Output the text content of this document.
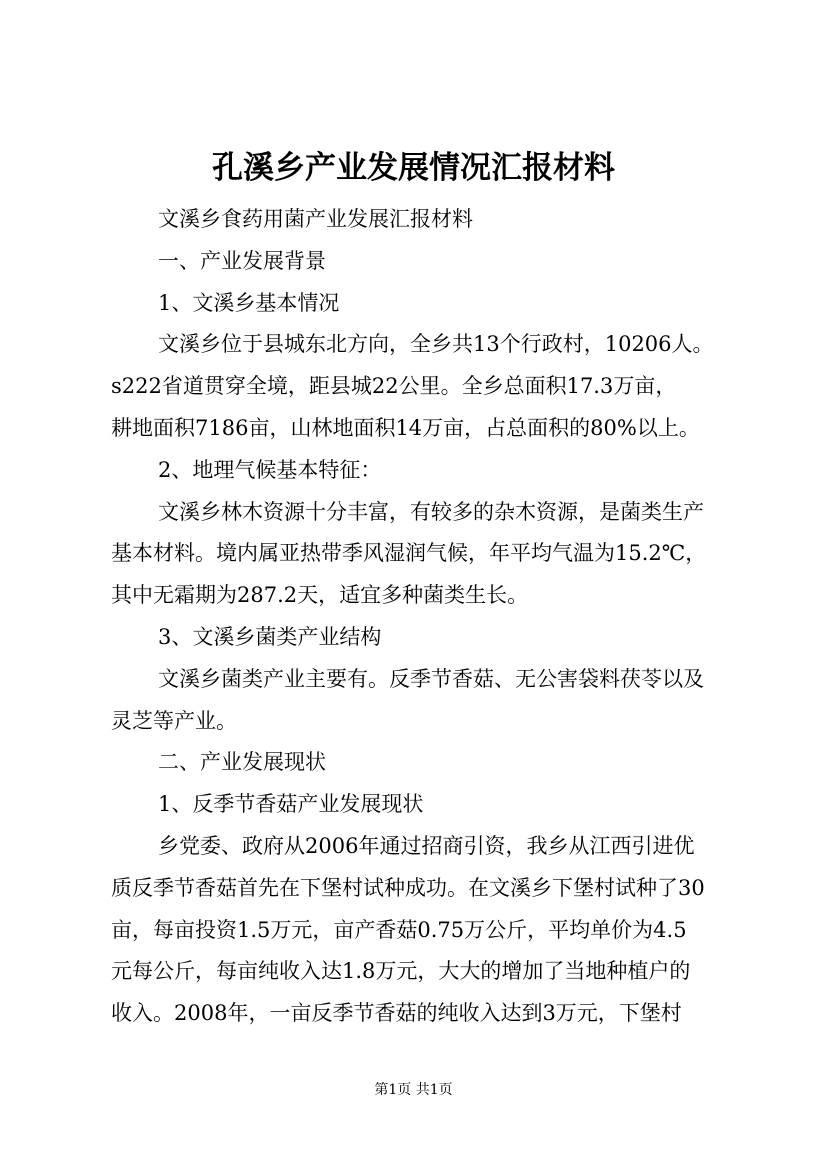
孔溪乡产业发展情况汇报材料
文溪乡食药用菌产业发展汇报材料
一、产业发展背景
1、文溪乡基本情况
文溪乡位于县城东北方向，全乡共13个行政村，10206人。
s222省道贯穿全境，距县城22公里。全乡总面积17.3万亩，
耕地面积7186亩，山林地面积14万亩，占总面积的80%以上。
2、地理气候基本特征：
文溪乡林木资源十分丰富，有较多的杂木资源，是菌类生产
基本材料。境内属亚热带季风湿润气候，年平均气温为15.2℃，
其中无霜期为287.2天，适宜多种菌类生长。
3、文溪乡菌类产业结构
文溪乡菌类产业主要有。反季节香菇、无公害袋料茯苓以及
灵芝等产业。
二、产业发展现状
1、反季节香菇产业发展现状
乡党委、政府从2006年通过招商引资，我乡从江西引进优
质反季节香菇首先在下堡村试种成功。在文溪乡下堡村试种了30
亩，每亩投资1.5万元，亩产香菇0.75万公斤，平均单价为4.5
元每公斤，每亩纯收入达1.8万元，大大的增加了当地种植户的
收入。2008年，一亩反季节香菇的纯收入达到3万元，下堡村
第1页 共1页
